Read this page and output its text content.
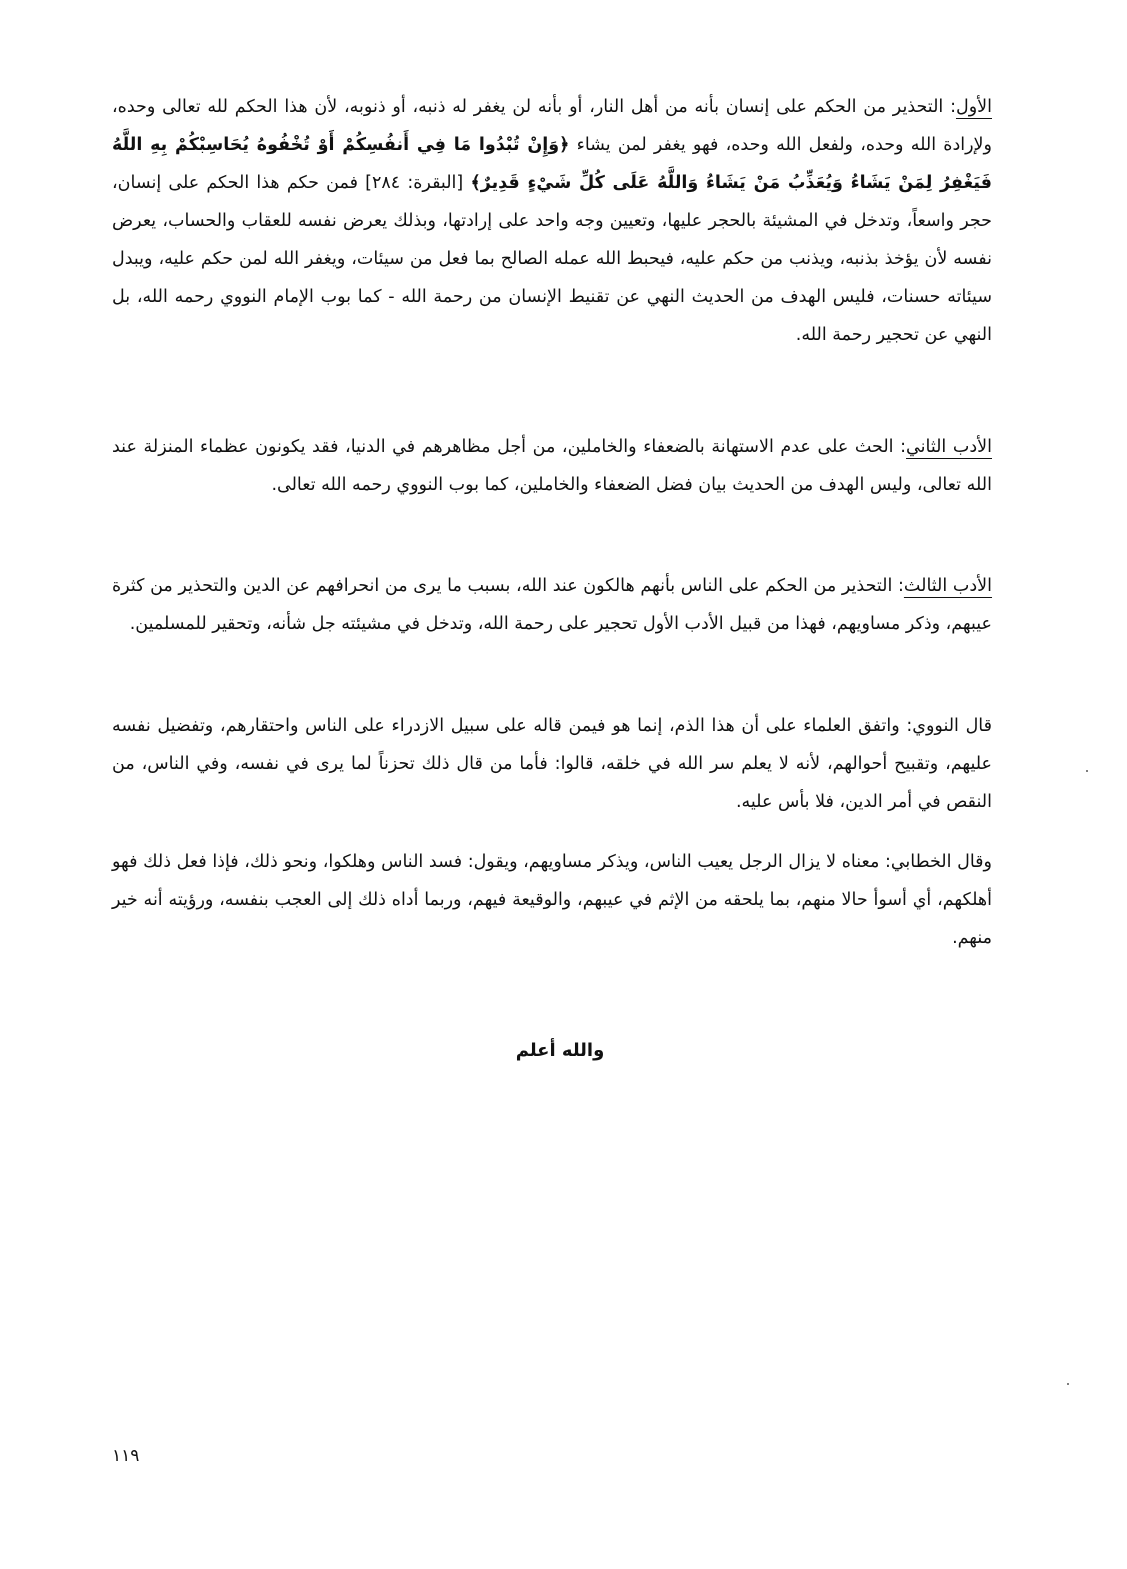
الأول: التحذير من الحكم على إنسان بأنه من أهل النار، أو بأنه لن يغفر له ذنبه، أو ذنوبه، لأن هذا الحكم لله تعالى وحده، ولإرادة الله وحده، ولفعل الله وحده، فهو يغفر لمن يشاء ﴿وَإِنْ تُبْدُوا مَا فِي أَنفُسِكُمْ أَوْ تُخْفُوهُ يُحَاسِبْكُمْ بِهِ اللَّهُ فَيَغْفِرُ لِمَنْ يَشَاءُ وَيُعَذِّبُ مَنْ يَشَاءُ وَاللَّهُ عَلَى كُلِّ شَيْءٍ قَدِيرٌ﴾ [البقرة: ٢٨٤] فمن حكم هذا الحكم على إنسان، حجر واسعاً، وتدخل في المشيئة بالحجر عليها، وتعيين وجه واحد على إرادتها، وبذلك يعرض نفسه للعقاب والحساب، يعرض نفسه لأن يؤخذ بذنبه، ويذنب من حكم عليه، فيحبط الله عمله الصالح بما فعل من سيئات، ويغفر الله لمن حكم عليه، ويبدل سيئاته حسنات، فليس الهدف من الحديث النهي عن تقنيط الإنسان من رحمة الله - كما بوب الإمام النووي رحمه الله، بل النهي عن تحجير رحمة الله.

الأدب الثاني: الحث على عدم الاستهانة بالضعفاء والخاملين، من أجل مظاهرهم في الدنيا، فقد يكونون عظماء المنزلة عند الله تعالى، وليس الهدف من الحديث بيان فضل الضعفاء والخاملين، كما بوب النووي رحمه الله تعالى.

الأدب الثالث: التحذير من الحكم على الناس بأنهم هالكون عند الله، بسبب ما يرى من انحرافهم عن الدين والتحذير من كثرة عيبهم، وذكر مساويهم، فهذا من قبيل الأدب الأول تحجير على رحمة الله، وتدخل في مشيئته جل شأنه، وتحقير للمسلمين.

قال النووي: واتفق العلماء على أن هذا الذم، إنما هو فيمن قاله على سبيل الازدراء على الناس واحتقارهم، وتفضيل نفسه عليهم، وتقبيح أحوالهم، لأنه لا يعلم سر الله في خلقه، قالوا: فأما من قال ذلك تحزناً لما يرى في نفسه، وفي الناس، من النقص في أمر الدين، فلا بأس عليه.

وقال الخطابي: معناه لا يزال الرجل يعيب الناس، ويذكر مساويهم، ويقول: فسد الناس وهلكوا، ونحو ذلك، فإذا فعل ذلك فهو أهلكهم، أي أسوأ حالا منهم، بما يلحقه من الإثم في عيبهم، والوقيعة فيهم، وربما أداه ذلك إلى العجب بنفسه، ورؤيته أنه خير منهم.

والله أعلم
١١٩
